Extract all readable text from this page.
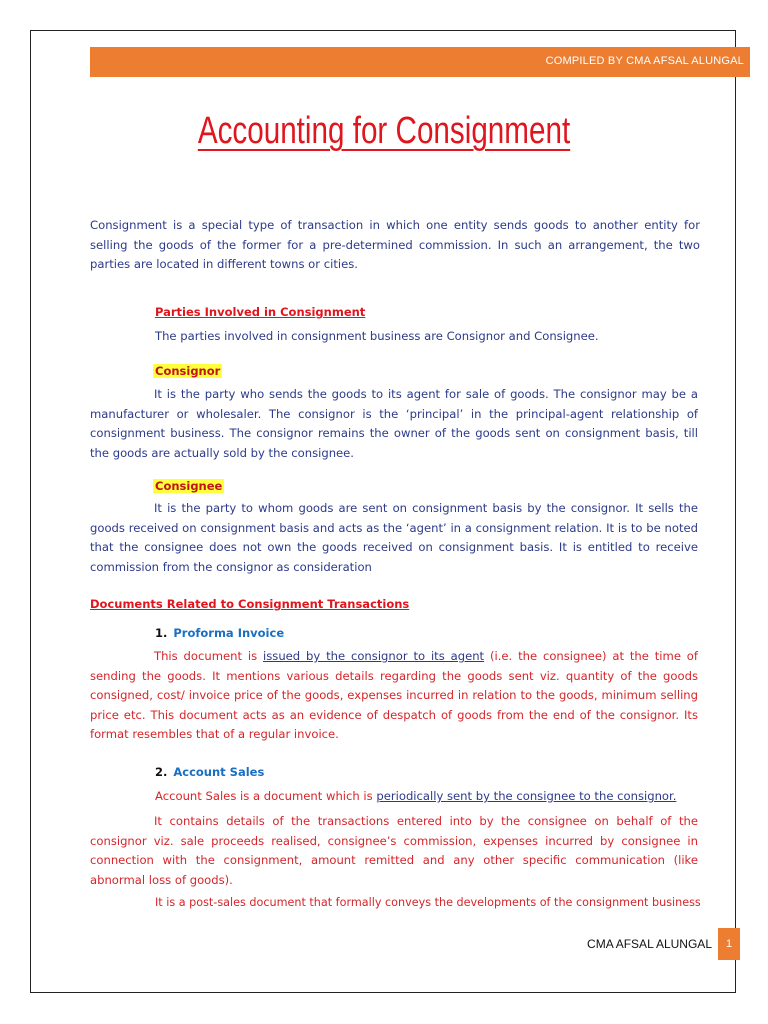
COMPILED BY CMA AFSAL ALUNGAL
Accounting for Consignment

Consignment is a special type of transaction in which one entity sends goods to another entity for selling the goods of the former for a pre-determined commission. In such an arrangement, the two parties are located in different towns or cities.

Parties Involved in Consignment

The parties involved in consignment business are Consignor and Consignee.

Consignor

It is the party who sends the goods to its agent for sale of goods. The consignor may be a manufacturer or wholesaler. The consignor is the ‘principal’ in the principal-agent relationship of consignment business. The consignor remains the owner of the goods sent on consignment basis, till the goods are actually sold by the consignee.

Consignee

It is the party to whom goods are sent on consignment basis by the consignor. It sells the goods received on consignment basis and acts as the ‘agent’ in a consignment relation. It is to be noted that the consignee does not own the goods received on consignment basis. It is entitled to receive commission from the consignor as consideration

Documents Related to Consignment Transactions
1. Proforma Invoice

This document is issued by the consignor to its agent (i.e. the consignee) at the time of sending the goods. It mentions various details regarding the goods sent viz. quantity of the goods consigned, cost/ invoice price of the goods, expenses incurred in relation to the goods, minimum selling price etc. This document acts as an evidence of despatch of goods from the end of the consignor. Its format resembles that of a regular invoice.

2. Account Sales

Account Sales is a document which is periodically sent by the consignee to the consignor.

It contains details of the transactions entered into by the consignee on behalf of the consignor viz. sale proceeds realised, consignee’s commission, expenses incurred by consignee in connection with the consignment, amount remitted and any other specific communication (like abnormal loss of goods).

It is a post-sales document that formally conveys the developments of the consignment business

CMA AFSAL ALUNGAL	1
